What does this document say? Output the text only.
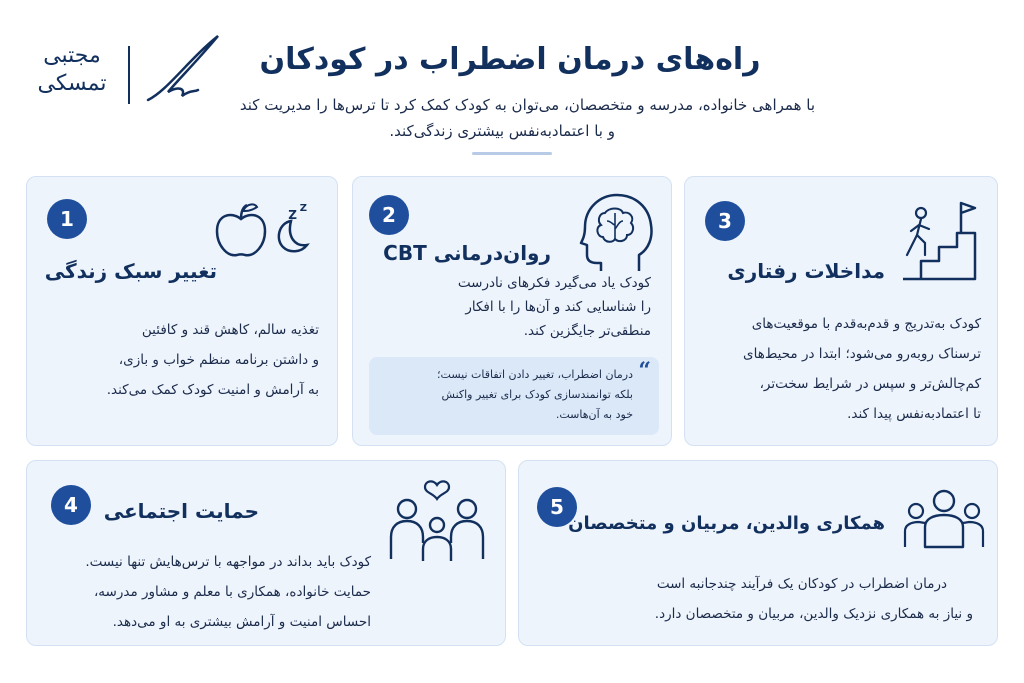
مجتبی
تمسکی
راه‌های درمان اضطراب در کودکان
با همراهی خانواده، مدرسه و متخصصان، می‌توان به کودک کمک کرد تا ترس‌ها را مدیریت کند
و با اعتمادبه‌نفس بیشتری زندگی‌کند.
1	Z Z
تغییر سبک زندگی
تغذیه سالم، کاهش قند و کافئین
و داشتن برنامه منظم خواب و بازی،
به آرامش و امنیت کودک کمک می‌کند.
2
روان‌درمانی CBT
کودک یاد می‌گیرد فکرهای نادرست
را شناسایی کند و آن‌ها را با افکار
منطقی‌تر جایگزین کند.
“
درمان اضطراب، تغییر دادن اتفاقات نیست؛
بلکه توانمندسازی کودک برای تغییر واکنش
خود به آن‌هاست.
3
مداخلات رفتاری
کودک به‌تدریج و قدم‌به‌قدم با موقعیت‌های
ترسناک روبه‌رو می‌شود؛ ابتدا در محیط‌های
کم‌چالش‌تر و سپس در شرایط سخت‌تر،
تا اعتمادبه‌نفس پیدا کند.
4	حمایت اجتماعی
کودک باید بداند در مواجهه با ترس‌هایش تنها نیست.
حمایت خانواده، همکاری با معلم و مشاور مدرسه،
احساس امنیت و آرامش بیشتری به او می‌دهد.
5
همکاری والدین، مربیان و متخصصان
درمان اضطراب در کودکان یک فرآیند چندجانبه است
و نیاز به همکاری نزدیک والدین، مربیان و متخصصان دارد.
